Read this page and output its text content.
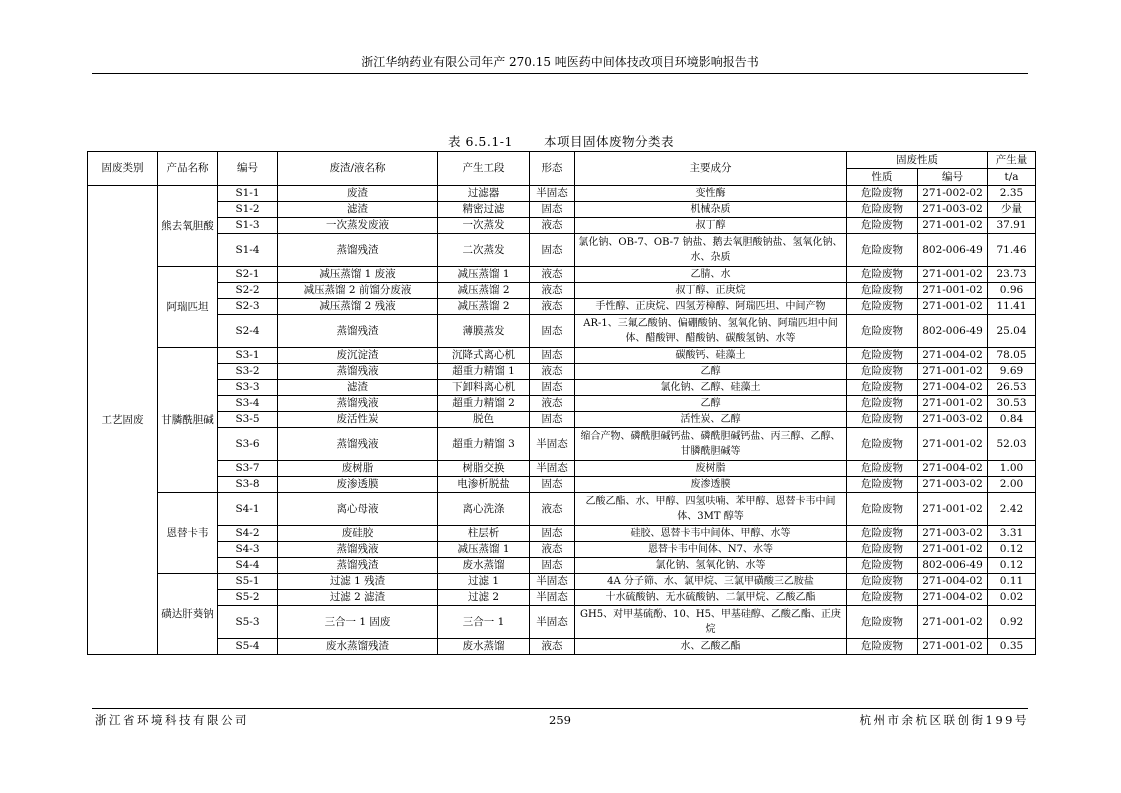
浙江华纳药业有限公司年产 270.15 吨医药中间体技改项目环境影响报告书
表 6.5.1-1 本项目固体废物分类表
固废类别	产品名称	编号	废渣/液名称	产生工段	形态	主要成分	固废性质		产生量
							性质	编号	t/a
工艺固废	熊去氧胆酸	S1-1	废渣	过滤器	半固态	变性酶	危险废物	271-002-02	2.35
		S1-2	滤渣	精密过滤	固态	机械杂质	危险废物	271-003-02	少量
		S1-3	一次蒸发废液	一次蒸发	液态	叔丁醇	危险废物	271-001-02	37.91
		S1-4	蒸馏残渣	二次蒸发	固态	氯化钠、OB-7、OB-7 钠盐、鹅去氧胆酸钠盐、氢氧化钠、水、杂质	危险废物	802-006-49	71.46
	阿瑞匹坦	S2-1	减压蒸馏 1 废液	减压蒸馏 1	液态	乙腈、水	危险废物	271-001-02	23.73
		S2-2	减压蒸馏 2 前馏分废液	减压蒸馏 2	液态	叔丁醇、正庚烷	危险废物	271-001-02	0.96
		S2-3	减压蒸馏 2 残液	减压蒸馏 2	液态	手性醇、正庚烷、四氢芳樟醇、阿瑞匹坦、中间产物	危险废物	271-001-02	11.41
		S2-4	蒸馏残渣	薄膜蒸发	固态	AR-1、三氟乙酸钠、偏硼酸钠、氢氧化钠、阿瑞匹坦中间体、醋酸钾、醋酸钠、碳酸氢钠、水等	危险废物	802-006-49	25.04
	甘膦酰胆碱	S3-1	废沉淀渣	沉降式离心机	固态	碳酸钙、硅藻土	危险废物	271-004-02	78.05
		S3-2	蒸馏残液	超重力精馏 1	液态	乙醇	危险废物	271-001-02	9.69
		S3-3	滤渣	下卸料离心机	固态	氯化钠、乙醇、硅藻土	危险废物	271-004-02	26.53
		S3-4	蒸馏残液	超重力精馏 2	液态	乙醇	危险废物	271-001-02	30.53
		S3-5	废活性炭	脱色	固态	活性炭、乙醇	危险废物	271-003-02	0.84
		S3-6	蒸馏残液	超重力精馏 3	半固态	缩合产物、磷酰胆碱钙盐、磷酰胆碱钙盐、丙三醇、乙醇、甘膦酰胆碱等	危险废物	271-001-02	52.03
		S3-7	废树脂	树脂交换	半固态	废树脂	危险废物	271-004-02	1.00
		S3-8	废渗透膜	电渗析脱盐	固态	废渗透膜	危险废物	271-003-02	2.00
	恩替卡韦	S4-1	离心母液	离心洗涤	液态	乙酸乙酯、水、甲醇、四氢呋喃、苯甲醇、恩替卡韦中间体、3MT 醇等	危险废物	271-001-02	2.42
		S4-2	废硅胶	柱层析	固态	硅胶、恩替卡韦中间体、甲醇、水等	危险废物	271-003-02	3.31
		S4-3	蒸馏残液	减压蒸馏 1	液态	恩替卡韦中间体、N7、水等	危险废物	271-001-02	0.12
		S4-4	蒸馏残渣	废水蒸馏	固态	氯化钠、氢氧化钠、水等	危险废物	802-006-49	0.12
	磺达肝葵钠	S5-1	过滤 1 残渣	过滤 1	半固态	4A 分子筛、水、氯甲烷、三氯甲磺酸三乙胺盐	危险废物	271-004-02	0.11
		S5-2	过滤 2 滤渣	过滤 2	半固态	十水硫酸钠、无水硫酸钠、二氯甲烷、乙酸乙酯	危险废物	271-004-02	0.02
		S5-3	三合一 1 固废	三合一 1	半固态	GH5、对甲基硫酚、10、H5、甲基硅醇、乙酸乙酯、正庚烷	危险废物	271-001-02	0.92
		S5-4	废水蒸馏残渣	废水蒸馏	液态	水、乙酸乙酯	危险废物	271-001-02	0.35
浙江省环境科技有限公司	259	杭州市余杭区联创街199号
